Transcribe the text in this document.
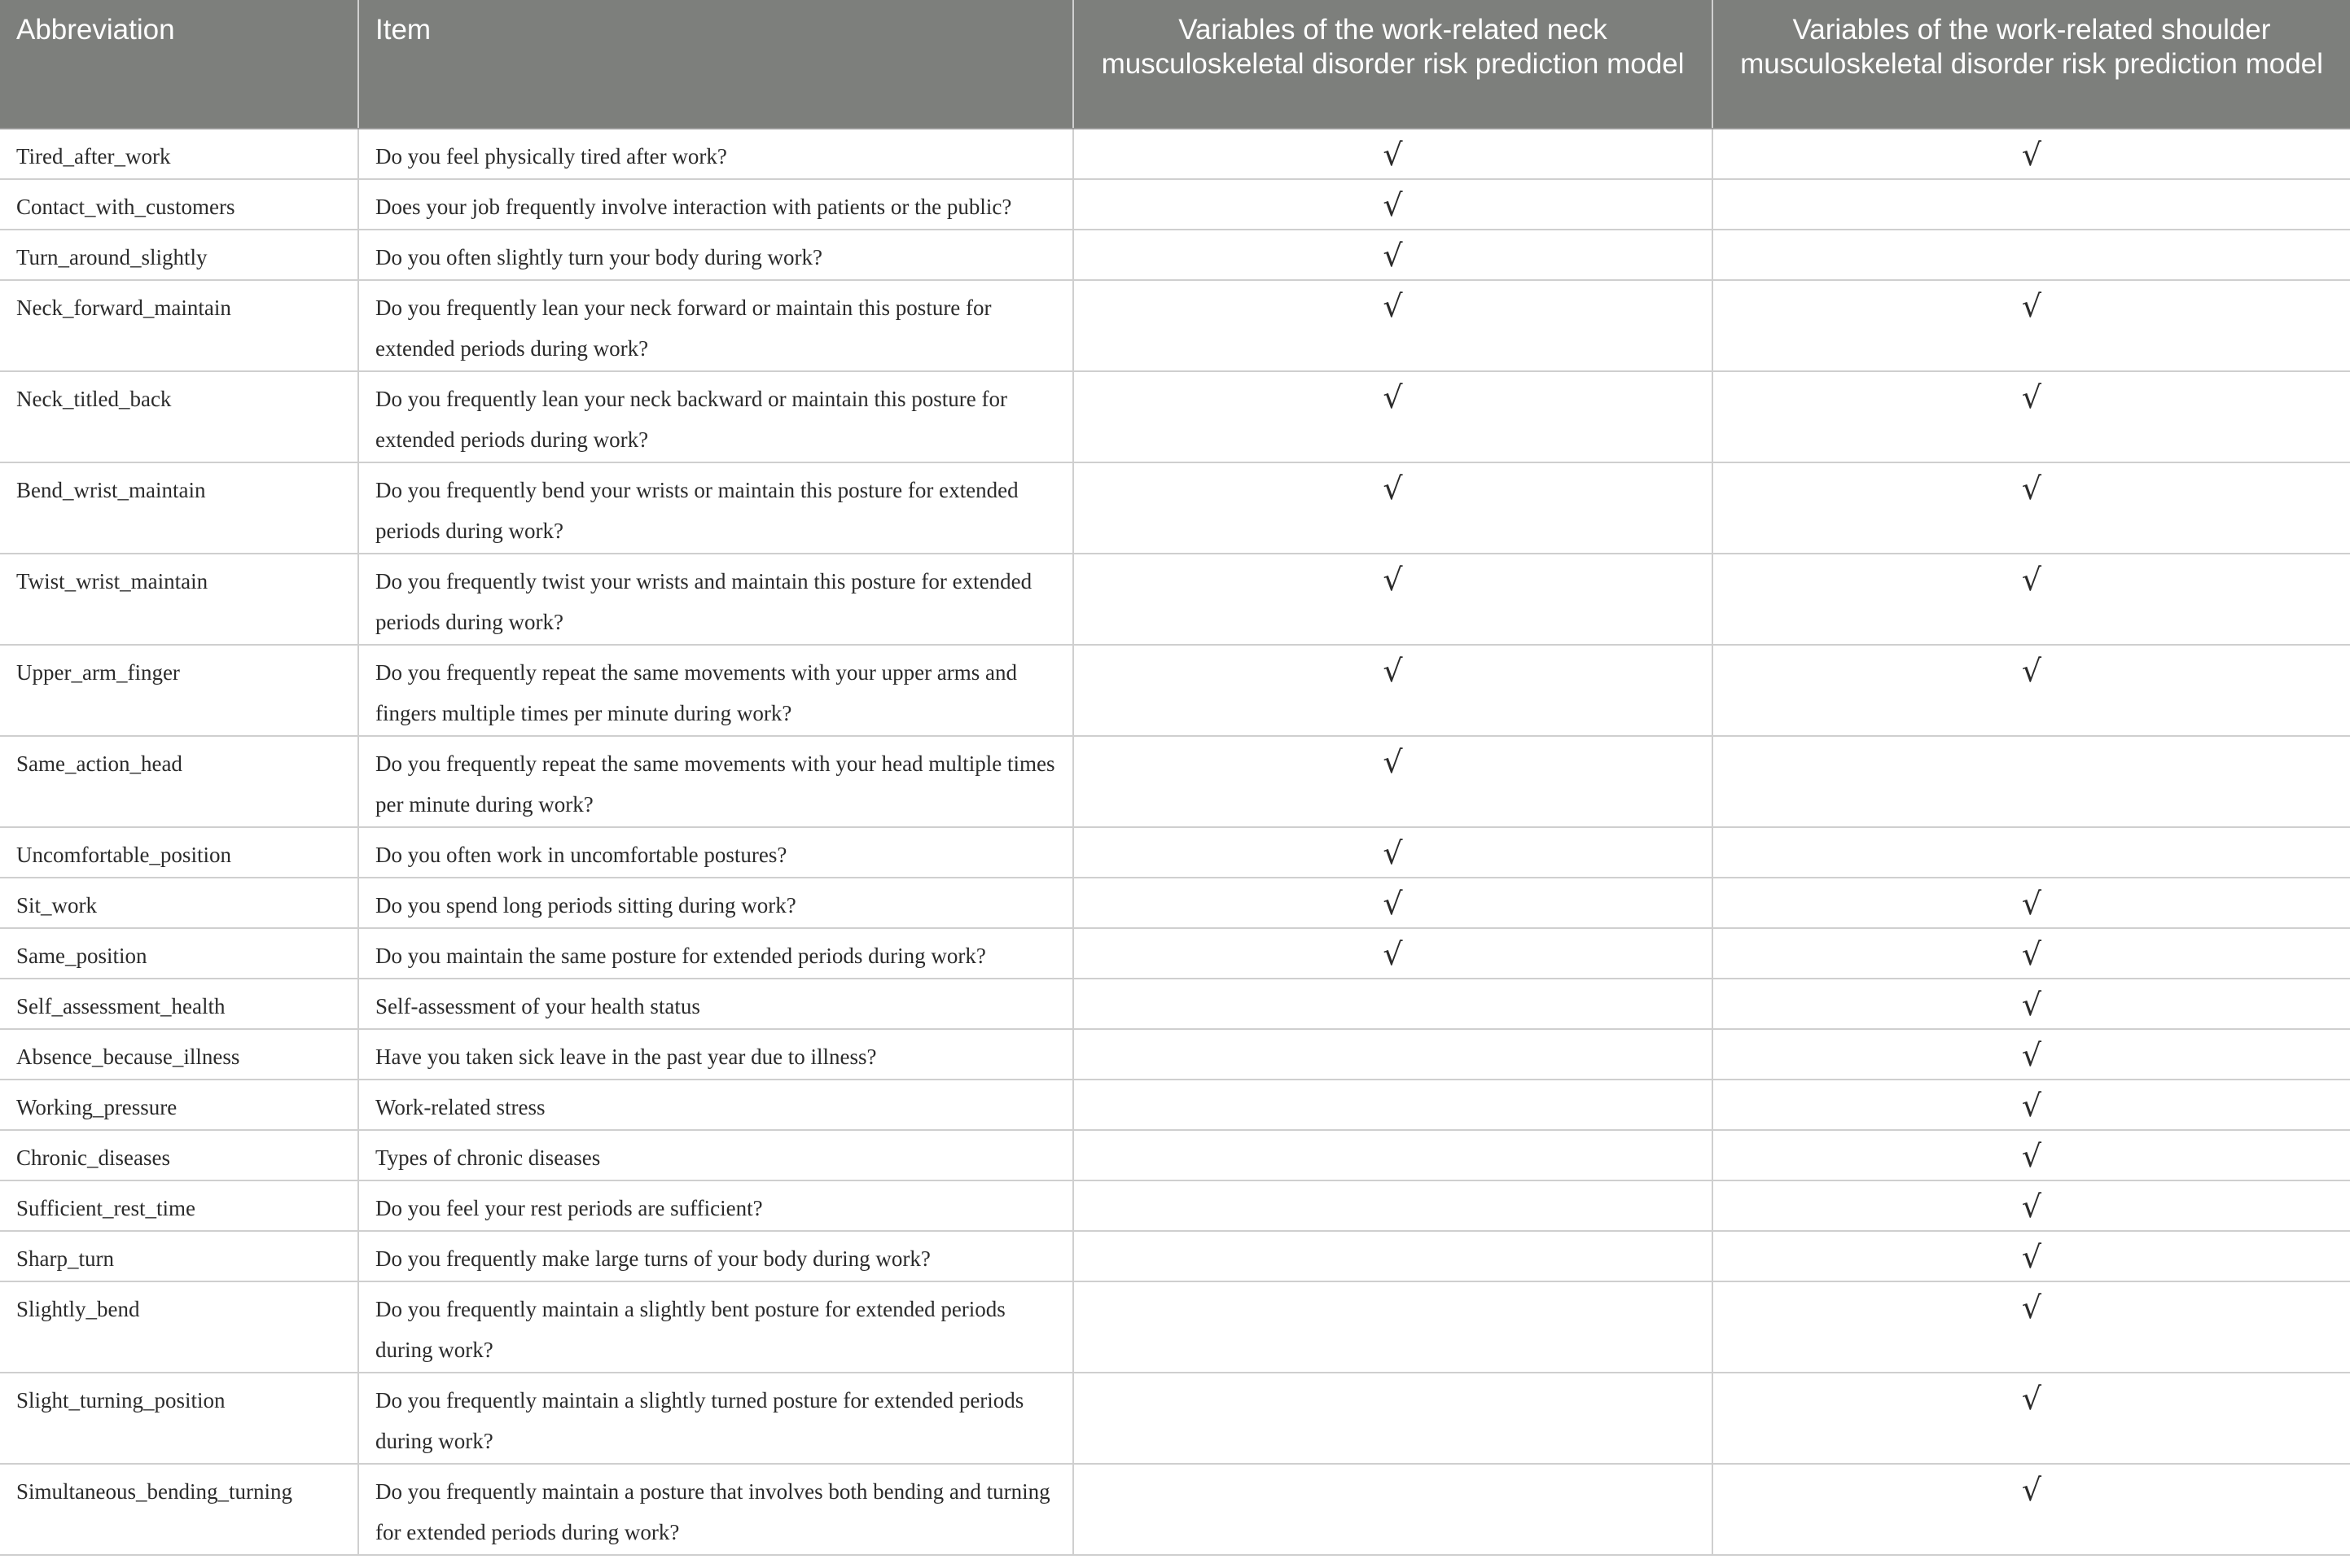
Abbreviation	Item	Variables of the work-related neck musculoskeletal disorder risk prediction model	Variables of the work-related shoulder musculoskeletal disorder risk prediction model
Tired_after_work	Do you feel physically tired after work?	√	√
Contact_with_customers	Does your job frequently involve interaction with patients or the public?	√	
Turn_around_slightly	Do you often slightly turn your body during work?	√	
Neck_forward_maintain	Do you frequently lean your neck forward or maintain this posture for extended periods during work?	√	√
Neck_titled_back	Do you frequently lean your neck backward or maintain this posture for extended periods during work?	√	√
Bend_wrist_maintain	Do you frequently bend your wrists or maintain this posture for extended periods during work?	√	√
Twist_wrist_maintain	Do you frequently twist your wrists and maintain this posture for extended periods during work?	√	√
Upper_arm_finger	Do you frequently repeat the same movements with your upper arms and fingers multiple times per minute during work?	√	√
Same_action_head	Do you frequently repeat the same movements with your head multiple times per minute during work?	√	
Uncomfortable_position	Do you often work in uncomfortable postures?	√	
Sit_work	Do you spend long periods sitting during work?	√	√
Same_position	Do you maintain the same posture for extended periods during work?	√	√
Self_assessment_health	Self-assessment of your health status		√
Absence_because_illness	Have you taken sick leave in the past year due to illness?		√
Working_pressure	Work-related stress		√
Chronic_diseases	Types of chronic diseases		√
Sufficient_rest_time	Do you feel your rest periods are sufficient?		√
Sharp_turn	Do you frequently make large turns of your body during work?		√
Slightly_bend	Do you frequently maintain a slightly bent posture for extended periods during work?		√
Slight_turning_position	Do you frequently maintain a slightly turned posture for extended periods during work?		√
Simultaneous_bending_turning	Do you frequently maintain a posture that involves both bending and turning for extended periods during work?		√
